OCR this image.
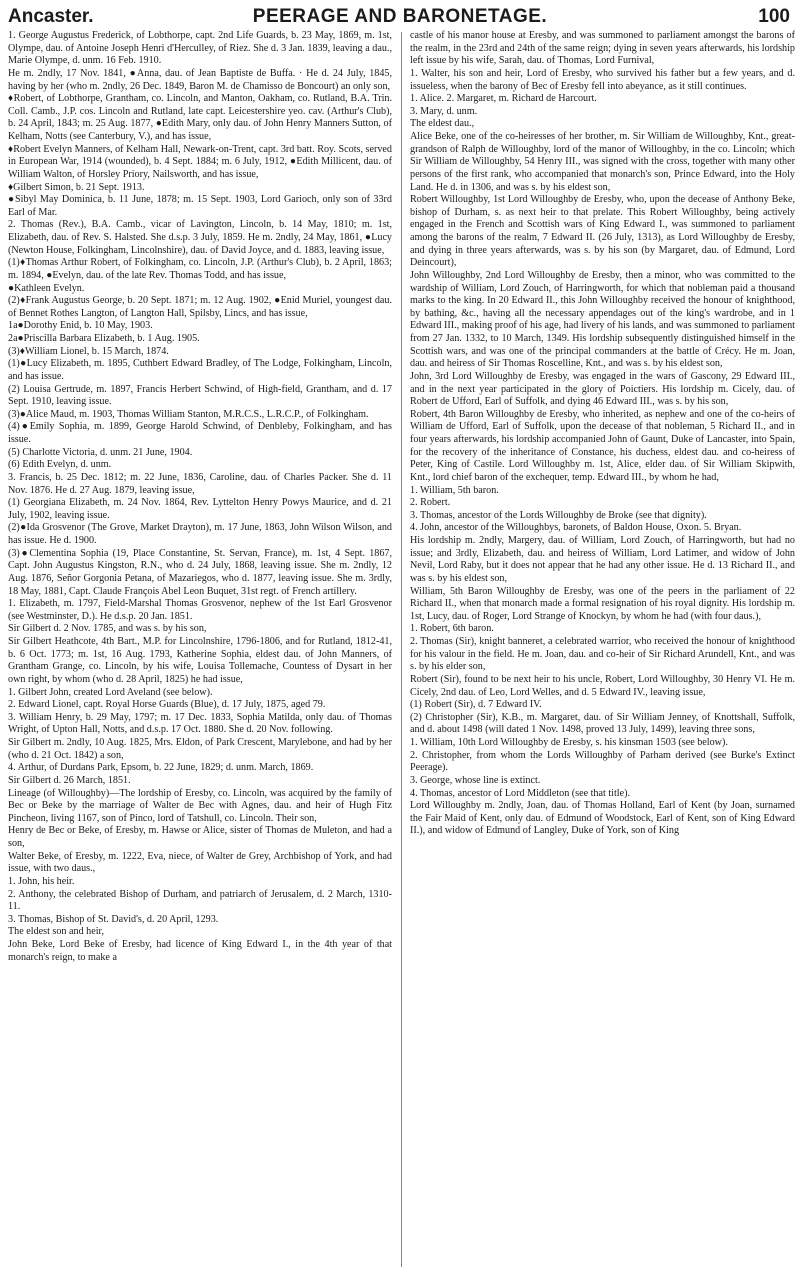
Ancaster.	PEERAGE AND BARONETAGE.	100

1. George Augustus Frederick, of Lobthorpe, capt. 2nd Life Guards, b. 23 May, 1869, m. 1st, Olympe, dau. of Antoine Joseph Henri d'Herculley, of Riez. She d. 3 Jan. 1839, leaving a dau., Marie Olympe, d. unm. 16 Feb. 1910.

He m. 2ndly, 17 Nov. 1841, ●Anna, dau. of Jean Baptiste de Buffa. · He d. 24 July, 1845, having by her (who m. 2ndly, 26 Dec. 1849, Baron M. de Chamisso de Boncourt) an only son,

♦Robert, of Lobthorpe, Grantham, co. Lincoln, and Manton, Oakham, co. Rutland, B.A. Trin. Coll. Camb., J.P. cos. Lincoln and Rutland, late capt. Leicestershire yeo. cav. (Arthur's Club), b. 24 April, 1843; m. 25 Aug. 1877, ●Edith Mary, only dau. of John Henry Manners Sutton, of Kelham, Notts (see Canterbury, V.), and has issue,

♦Robert Evelyn Manners, of Kelham Hall, Newark-on-Trent, capt. 3rd batt. Roy. Scots, served in European War, 1914 (wounded), b. 4 Sept. 1884; m. 6 July, 1912, ●Edith Millicent, dau. of William Walton, of Horsley Priory, Nailsworth, and has issue,

♦Gilbert Simon, b. 21 Sept. 1913.

●Sibyl May Dominica, b. 11 June, 1878; m. 15 Sept. 1903, Lord Garioch, only son of 33rd Earl of Mar.

2. Thomas (Rev.), B.A. Camb., vicar of Lavington, Lincoln, b. 14 May, 1810; m. 1st, Elizabeth, dau. of Rev. S. Halsted. She d.s.p. 3 July, 1859. He m. 2ndly, 24 May, 1861, ●Lucy (Newton House, Folkingham, Lincolnshire), dau. of David Joyce, and d. 1883, leaving issue,

(1)♦Thomas Arthur Robert, of Folkingham, co. Lincoln, J.P. (Arthur's Club), b. 2 April, 1863; m. 1894, ●Evelyn, dau. of the late Rev. Thomas Todd, and has issue,

●Kathleen Evelyn.

(2)♦Frank Augustus George, b. 20 Sept. 1871; m. 12 Aug. 1902, ●Enid Muriel, youngest dau. of Bennet Rothes Langton, of Langton Hall, Spilsby, Lincs, and has issue,

1a●Dorothy Enid, b. 10 May, 1903.

2a●Priscilla Barbara Elizabeth, b. 1 Aug. 1905.

(3)♦William Lionel, b. 15 March, 1874.

(1)●Lucy Elizabeth, m. 1895, Cuthbert Edward Bradley, of The Lodge, Folkingham, Lincoln, and has issue.

(2) Louisa Gertrude, m. 1897, Francis Herbert Schwind, of High-field, Grantham, and d. 17 Sept. 1910, leaving issue.

(3)●Alice Maud, m. 1903, Thomas William Stanton, M.R.C.S., L.R.C.P., of Folkingham.

(4)●Emily Sophia, m. 1899, George Harold Schwind, of Denbleby, Folkingham, and has issue.

(5) Charlotte Victoria, d. unm. 21 June, 1904.

(6) Edith Evelyn, d. unm.

3. Francis, b. 25 Dec. 1812; m. 22 June, 1836, Caroline, dau. of Charles Packer. She d. 11 Nov. 1876. He d. 27 Aug. 1879, leaving issue,

(1) Georgiana Elizabeth, m. 24 Nov. 1864, Rev. Lyttelton Henry Powys Maurice, and d. 21 July, 1902, leaving issue.

(2)●Ida Grosvenor (The Grove, Market Drayton), m. 17 June, 1863, John Wilson Wilson, and has issue. He d. 1900.

(3)●Clementina Sophia (19, Place Constantine, St. Servan, France), m. 1st, 4 Sept. 1867, Capt. John Augustus Kingston, R.N., who d. 24 July, 1868, leaving issue. She m. 2ndly, 12 Aug. 1876, Señor Gorgonia Petana, of Mazariegos, who d. 1877, leaving issue. She m. 3rdly, 18 May, 1881, Capt. Claude François Abel Leon Buquet, 31st regt. of French artillery.

1. Elizabeth, m. 1797, Field-Marshal Thomas Grosvenor, nephew of the 1st Earl Grosvenor (see Westminster, D.). He d.s.p. 20 Jan. 1851.

Sir Gilbert d. 2 Nov. 1785, and was s. by his son,

Sir Gilbert Heathcote, 4th Bart., M.P. for Lincolnshire, 1796-1806, and for Rutland, 1812-41, b. 6 Oct. 1773; m. 1st, 16 Aug. 1793, Katherine Sophia, eldest dau. of John Manners, of Grantham Grange, co. Lincoln, by his wife, Louisa Tollemache, Countess of Dysart in her own right, by whom (who d. 28 April, 1825) he had issue,

1. Gilbert John, created Lord Aveland (see below).

2. Edward Lionel, capt. Royal Horse Guards (Blue), d. 17 July, 1875, aged 79.

3. William Henry, b. 29 May, 1797; m. 17 Dec. 1833, Sophia Matilda, only dau. of Thomas Wright, of Upton Hall, Notts, and d.s.p. 17 Oct. 1880. She d. 20 Nov. following.

Sir Gilbert m. 2ndly, 10 Aug. 1825, Mrs. Eldon, of Park Crescent, Marylebone, and had by her (who d. 21 Oct. 1842) a son,

4. Arthur, of Durdans Park, Epsom, b. 22 June, 1829; d. unm. March, 1869.

Sir Gilbert d. 26 March, 1851.

Lineage (of Willoughby)—The lordship of Eresby, co. Lincoln, was acquired by the family of Bec or Beke by the marriage of Walter de Bec with Agnes, dau. and heir of Hugh Fitz Pincheon, living 1167, son of Pinco, lord of Tatshull, co. Lincoln. Their son,

Henry de Bec or Beke, of Eresby, m. Hawse or Alice, sister of Thomas de Muleton, and had a son,

Walter Beke, of Eresby, m. 1222, Eva, niece, of Walter de Grey, Archbishop of York, and had issue, with two daus.,

1. John, his heir.

2. Anthony, the celebrated Bishop of Durham, and patriarch of Jerusalem, d. 2 March, 1310-11.

3. Thomas, Bishop of St. David's, d. 20 April, 1293.

The eldest son and heir,

John Beke, Lord Beke of Eresby, had licence of King Edward I., in the 4th year of that monarch's reign, to make a

castle of his manor house at Eresby, and was summoned to parliament amongst the barons of the realm, in the 23rd and 24th of the same reign; dying in seven years afterwards, his lordship left issue by his wife, Sarah, dau. of Thomas, Lord Furnival,

1. Walter, his son and heir, Lord of Eresby, who survived his father but a few years, and d. issueless, when the barony of Bec of Eresby fell into abeyance, as it still continues.

1. Alice. 2. Margaret, m. Richard de Harcourt.

3. Mary, d. unm.

The eldest dau.,

Alice Beke, one of the co-heiresses of her brother, m. Sir William de Willoughby, Knt., great-grandson of Ralph de Willoughby, lord of the manor of Willoughby, in the co. Lincoln; which Sir William de Willoughby, 54 Henry III., was signed with the cross, together with many other persons of the first rank, who accompanied that monarch's son, Prince Edward, into the Holy Land. He d. in 1306, and was s. by his eldest son,

Robert Willoughby, 1st Lord Willoughby de Eresby, who, upon the decease of Anthony Beke, bishop of Durham, s. as next heir to that prelate. This Robert Willoughby, being actively engaged in the French and Scottish wars of King Edward I., was summoned to parliament among the barons of the realm, 7 Edward II. (26 July, 1313), as Lord Willoughby de Eresby, and dying in three years afterwards, was s. by his son (by Margaret, dau. of Edmund, Lord Deincourt),

John Willoughby, 2nd Lord Willoughby de Eresby, then a minor, who was committed to the wardship of William, Lord Zouch, of Harringworth, for which that nobleman paid a thousand marks to the king. In 20 Edward II., this John Willoughby received the honour of knighthood, by bathing, &c., having all the necessary appendages out of the king's wardrobe, and in 1 Edward III., making proof of his age, had livery of his lands, and was summoned to parliament from 27 Jan. 1332, to 10 March, 1349. His lordship subsequently distinguished himself in the Scottish wars, and was one of the principal commanders at the battle of Crécy. He m. Joan, dau. and heiress of Sir Thomas Roscelline, Knt., and was s. by his eldest son,

John, 3rd Lord Willoughby de Eresby, was engaged in the wars of Gascony, 29 Edward III., and in the next year participated in the glory of Poictiers. His lordship m. Cicely, dau. of Robert de Ufford, Earl of Suffolk, and dying 46 Edward III., was s. by his son,

Robert, 4th Baron Willoughby de Eresby, who inherited, as nephew and one of the co-heirs of William de Ufford, Earl of Suffolk, upon the decease of that nobleman, 5 Richard II., and in four years afterwards, his lordship accompanied John of Gaunt, Duke of Lancaster, into Spain, for the recovery of the inheritance of Constance, his duchess, eldest dau. and co-heiress of Peter, King of Castile. Lord Willoughby m. 1st, Alice, elder dau. of Sir William Skipwith, Knt., lord chief baron of the exchequer, temp. Edward III., by whom he had,

1. William, 5th baron.

2. Robert.

3. Thomas, ancestor of the Lords Willoughby de Broke (see that dignity).

4. John, ancestor of the Willoughbys, baronets, of Baldon House, Oxon. 5. Bryan.

His lordship m. 2ndly, Margery, dau. of William, Lord Zouch, of Harringworth, but had no issue; and 3rdly, Elizabeth, dau. and heiress of William, Lord Latimer, and widow of John Nevil, Lord Raby, but it does not appear that he had any other issue. He d. 13 Richard II., and was s. by his eldest son,

William, 5th Baron Willoughby de Eresby, was one of the peers in the parliament of 22 Richard II., when that monarch made a formal resignation of his royal dignity. His lordship m. 1st, Lucy, dau. of Roger, Lord Strange of Knockyn, by whom he had (with four daus.),

1. Robert, 6th baron.

2. Thomas (Sir), knight banneret, a celebrated warrior, who received the honour of knighthood for his valour in the field. He m. Joan, dau. and co-heir of Sir Richard Arundell, Knt., and was s. by his elder son,

Robert (Sir), found to be next heir to his uncle, Robert, Lord Willoughby, 30 Henry VI. He m. Cicely, 2nd dau. of Leo, Lord Welles, and d. 5 Edward IV., leaving issue,

(1) Robert (Sir), d. 7 Edward IV.

(2) Christopher (Sir), K.B., m. Margaret, dau. of Sir William Jenney, of Knottshall, Suffolk, and d. about 1498 (will dated 1 Nov. 1498, proved 13 July, 1499), leaving three sons,

1. William, 10th Lord Willoughby de Eresby, s. his kinsman 1503 (see below).

2. Christopher, from whom the Lords Willoughby of Parham derived (see Burke's Extinct Peerage).

3. George, whose line is extinct.

4. Thomas, ancestor of Lord Middleton (see that title).

Lord Willoughby m. 2ndly, Joan, dau. of Thomas Holland, Earl of Kent (by Joan, surnamed the Fair Maid of Kent, only dau. of Edmund of Woodstock, Earl of Kent, son of King Edward II.), and widow of Edmund of Langley, Duke of York, son of King
